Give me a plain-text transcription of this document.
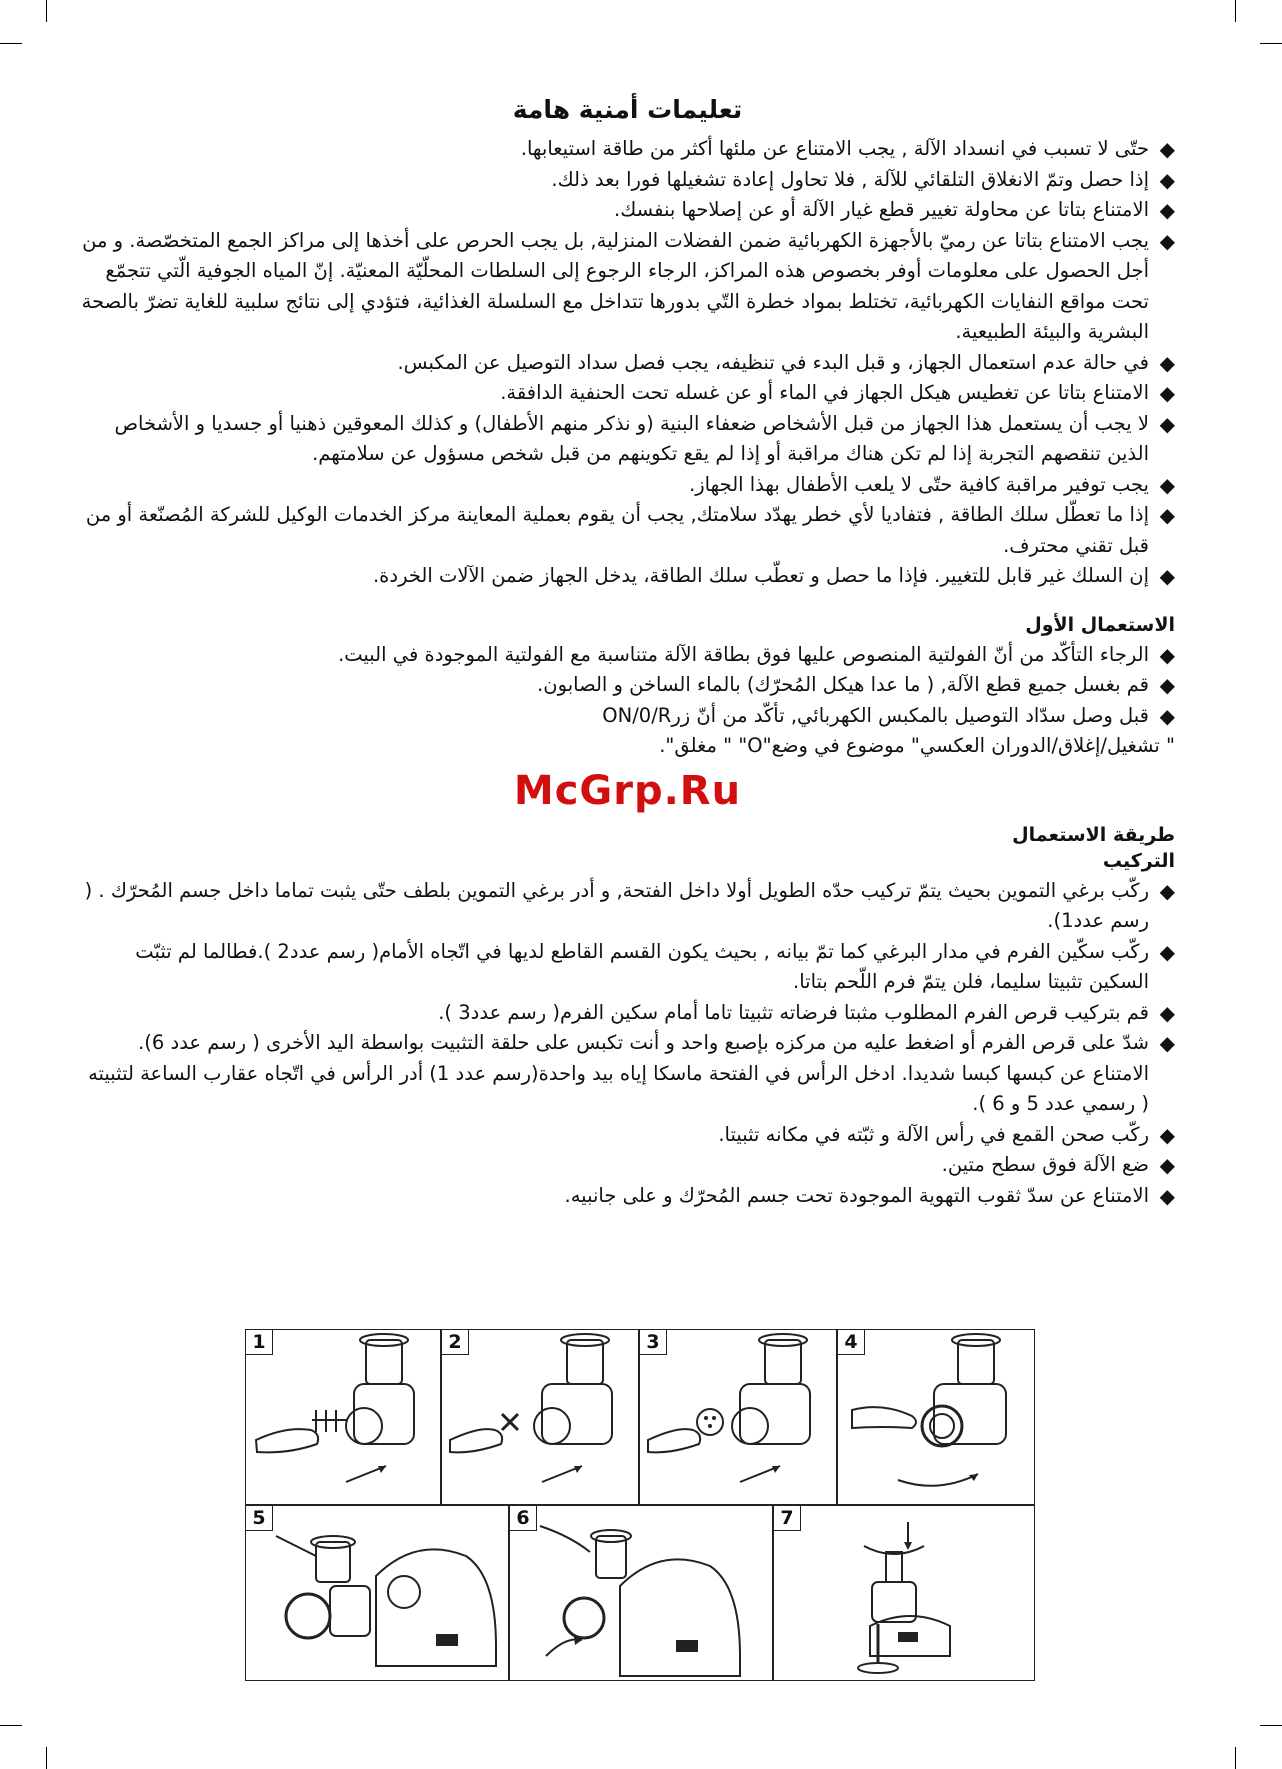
تعليمات أمنية هامة
◆
حتّى لا تسبب في انسداد الآلة , يجب الامتناع عن ملئها أكثر من طاقة استيعابها.
◆
إذا حصل وتمّ الانغلاق التلقائي للآلة , فلا تحاول إعادة تشغيلها فورا بعد ذلك.
◆
الامتناع بتاتا عن محاولة تغيير قطع غيار الآلة أو عن إصلاحها بنفسك.
◆
يجب الامتناع بتاتا عن رميّ بالأجهزة الكهربائية ضمن الفضلات المنزلية, بل يجب الحرص على أخذها إلى مراكز الجمع المتخصّصة. و من أجل الحصول على معلومات أوفر بخصوص هذه المراكز، الرجاء الرجوع إلى السلطات المحلّيّة المعنيّة. إنّ المياه الجوفية الّتي تتجمّع تحت مواقع النفايات الكهربائية، تختلط بمواد خطرة التّي بدورها تتداخل مع السلسلة الغذائية، فتؤدي إلى نتائج سلبية للغاية تضرّ بالصحة البشرية والبيئة الطبيعية.
◆
في حالة عدم استعمال الجهاز، و قبل البدء في تنظيفه، يجب فصل سداد التوصيل عن المكبس.
◆
الامتناع بتاتا عن تغطيس هيكل الجهاز في الماء أو عن غسله تحت الحنفية الدافقة.
◆
لا يجب أن يستعمل هذا الجهاز من قبل الأشخاص ضعفاء البنية (و نذكر منهم الأطفال) و كذلك المعوقين ذهنيا أو جسديا و الأشخاص الذين تنقصهم التجربة إذا لم تكن هناك مراقبة أو إذا لم يقع تكوينهم من قبل شخص مسؤول عن سلامتهم.
◆
يجب توفير مراقبة كافية حتّى لا يلعب الأطفال بهذا الجهاز.
◆
إذا ما تعطّل سلك الطاقة , فتفاديا لأي خطر يهدّد سلامتك, يجب أن يقوم بعملية المعاينة مركز الخدمات الوكيل للشركة المُصنّعة أو من قبل تقني محترف.
◆
إن السلك غير قابل للتغيير. فإذا ما حصل و تعطّب سلك الطاقة، يدخل الجهاز ضمن الآلات الخردة.
الاستعمال الأول
◆
الرجاء التأكّد من أنّ الفولتية المنصوص عليها فوق بطاقة الآلة متناسبة مع الفولتية الموجودة في البيت.
◆
قم بغسل جميع قطع الآلة, ( ما عدا هيكل المُحرّك) بالماء الساخن و الصابون.
◆
قبل وصل سدّاد التوصيل بالمكبس الكهربائي, تأكّد من أنّ زرON/0/R

" تشغيل/إغلاق/الدوران العكسي" موضوع في وضع"O" " مغلق".

McGrp.Ru
طريقة الاستعمال
التركيب
◆
ركّب برغي التموين بحيث يتمّ تركيب حدّه الطويل أولا داخل الفتحة, و أدر برغي التموين بلطف حتّى يثبت تماما داخل جسم المُحرّك . ( رسم عدد1).
◆
ركّب سكّين الفرم في مدار البرغي كما تمّ بيانه , بحيث يكون القسم القاطع لديها في اتّجاه الأمام( رسم عدد2 ).فطالما لم تثبّت السكين تثبيتا سليما، فلن يتمّ فرم اللّحم بتاتا.
◆
قم بتركيب قرص الفرم المطلوب مثبتا فرضاته تثبيتا تاما أمام سكين الفرم( رسم عدد3 ).
◆
شدّ على قرص الفرم أو اضغط عليه من مركزه بإصبع واحد و أنت تكبس على حلقة التثبيت بواسطة اليد الأخرى ( رسم عدد 6). الامتناع عن كبسها كبسا شديدا. ادخل الرأس في الفتحة ماسكا إياه بيد واحدة(رسم عدد 1) أدر الرأس في اتّجاه عقارب الساعة لتثبيته ( رسمي عدد 5 و 6 ).
◆
ركّب صحن القمع في رأس الآلة و ثبّته في مكانه تثبيتا.
◆
ضع الآلة فوق سطح متين.
◆
الامتناع عن سدّ ثقوب التهوية الموجودة تحت جسم المُحرّك و على جانبيه.
1	2	3	4
5	6	7
